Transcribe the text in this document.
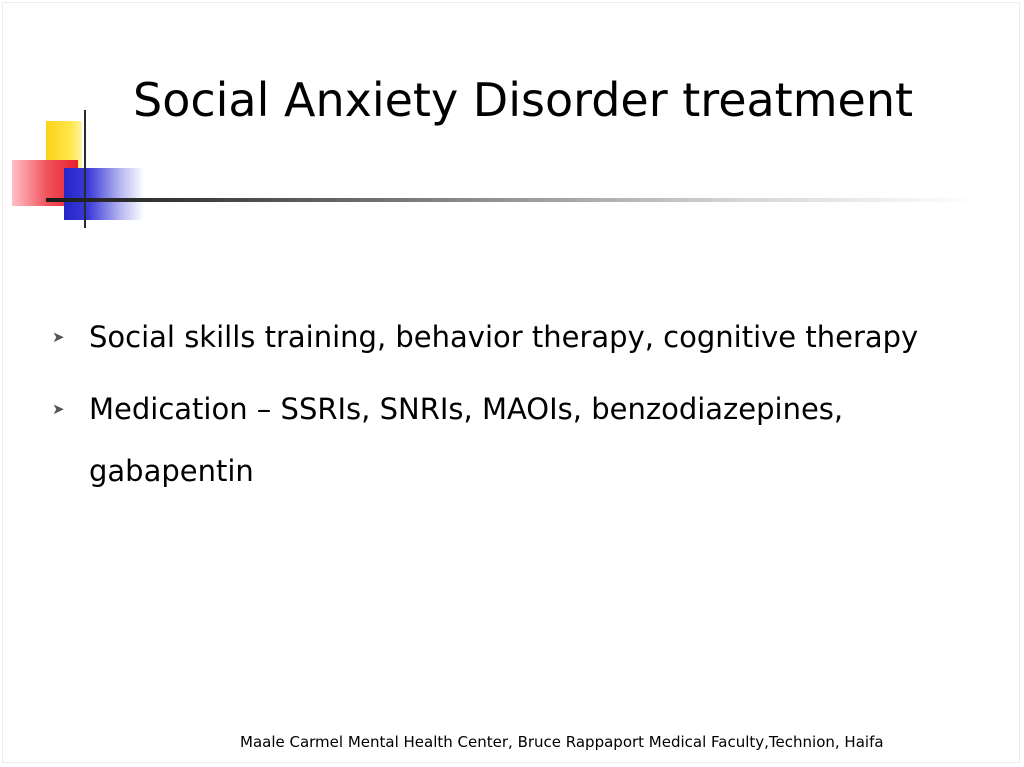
Social Anxiety Disorder treatment
➤ Social skills training, behavior therapy, cognitive therapy
➤ Medication – SSRIs, SNRIs, MAOIs, benzodiazepines, gabapentin
Maale Carmel Mental Health Center, Bruce Rappaport Medical Faculty,Technion, Haifa
